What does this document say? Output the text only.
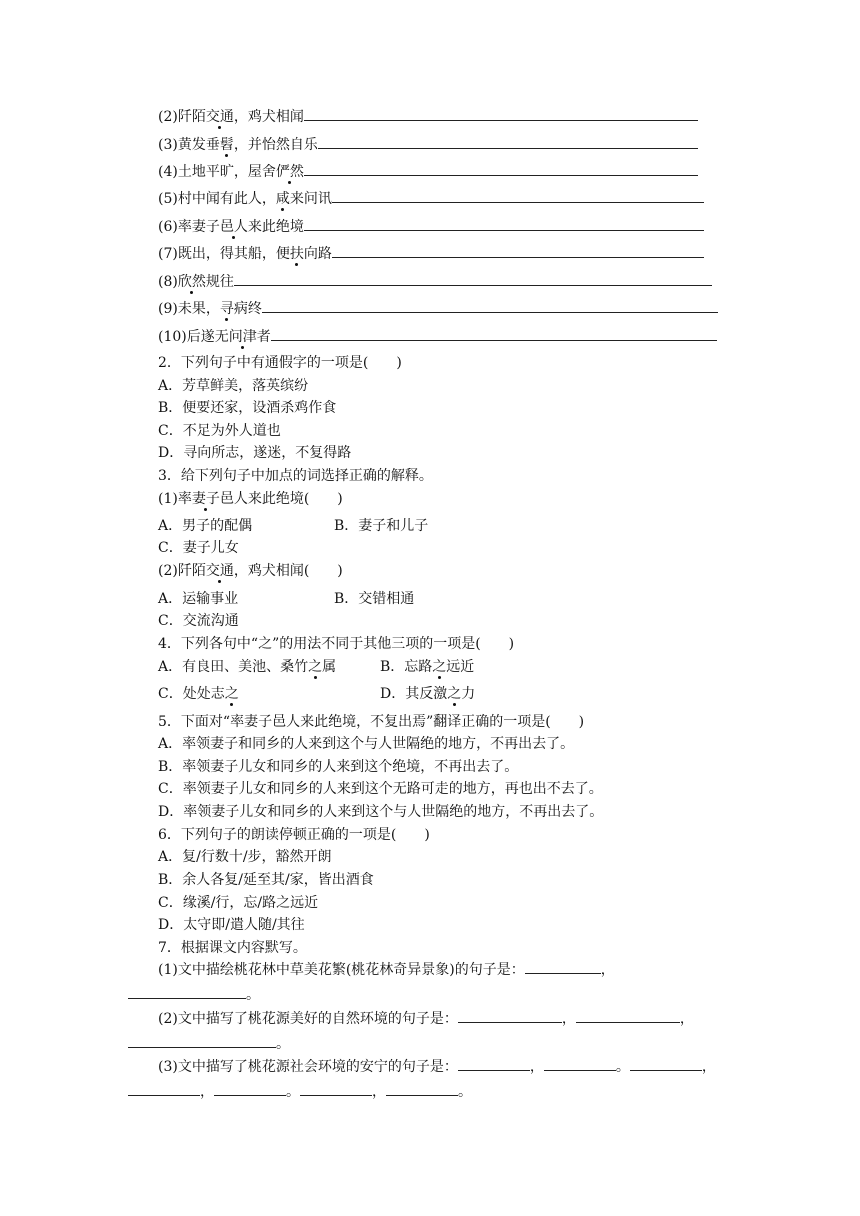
(2)阡陌交通，鸡犬相闻
(3)黄发垂髫，并怡然自乐
(4)土地平旷，屋舍俨然
(5)村中闻有此人，咸来问讯
(6)率妻子邑人来此绝境
(7)既出，得其船，便扶向路
(8)欣然规往
(9)未果，寻病终
(10)后遂无问津者
2．下列句子中有通假字的一项是(　　)
A．芳草鲜美，落英缤纷
B．便要还家，设酒杀鸡作食
C．不足为外人道也
D．寻向所志，遂迷，不复得路
3．给下列句子中加点的词选择正确的解释。
(1)率妻子邑人来此绝境(　　)
A．男子的配偶	B．妻子和儿子
C．妻子儿女
(2)阡陌交通，鸡犬相闻(　　)
A．运输事业	B．交错相通
C．交流沟通
4．下列各句中“之”的用法不同于其他三项的一项是(　　)
A．有良田、美池、桑竹之属	B．忘路之远近
C．处处志之	D．其反激之力
5．下面对“率妻子邑人来此绝境，不复出焉”翻译正确的一项是(　　)
A．率领妻子和同乡的人来到这个与人世隔绝的地方，不再出去了。
B．率领妻子儿女和同乡的人来到这个绝境，不再出去了。
C．率领妻子儿女和同乡的人来到这个无路可走的地方，再也出不去了。
D．率领妻子儿女和同乡的人来到这个与人世隔绝的地方，不再出去了。
6．下列句子的朗读停顿正确的一项是(　　)
A．复/行数十/步，豁然开朗
B．余人各复/延至其/家，皆出酒食
C．缘溪/行，忘/路之远近
D．太守即/遣人随/其往
7．根据课文内容默写。
(1)文中描绘桃花林中草美花繁(桃花林奇异景象)的句子是：	，
。
(2)文中描写了桃花源美好的自然环境的句子是：	，	，
。
(3)文中描写了桃花源社会环境的安宁的句子是：	，	。	，
，	。	，	。
